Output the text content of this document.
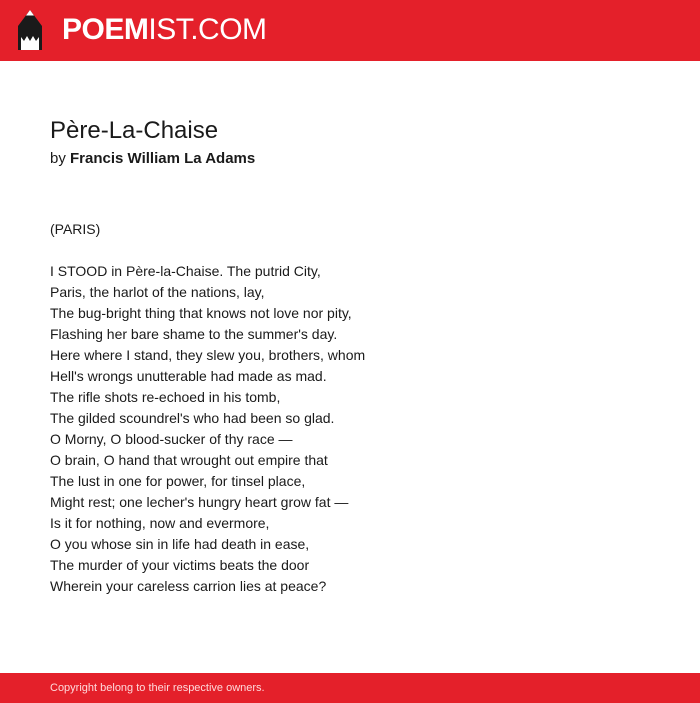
POEMIST.COM
Père-La-Chaise

by Francis William La Adams

(PARIS)
I STOOD in Père-la-Chaise. The putrid City,
Paris, the harlot of the nations, lay,
The bug-bright thing that knows not love nor pity,
Flashing her bare shame to the summer's day.
Here where I stand, they slew you, brothers, whom
Hell's wrongs unutterable had made as mad.
The rifle shots re-echoed in his tomb,
The gilded scoundrel's who had been so glad.
O Morny, O blood-sucker of thy race —
O brain, O hand that wrought out empire that
The lust in one for power, for tinsel place,
Might rest; one lecher's hungry heart grow fat —
Is it for nothing, now and evermore,
O you whose sin in life had death in ease,
The murder of your victims beats the door
Wherein your careless carrion lies at peace?
Copyright belong to their respective owners.
